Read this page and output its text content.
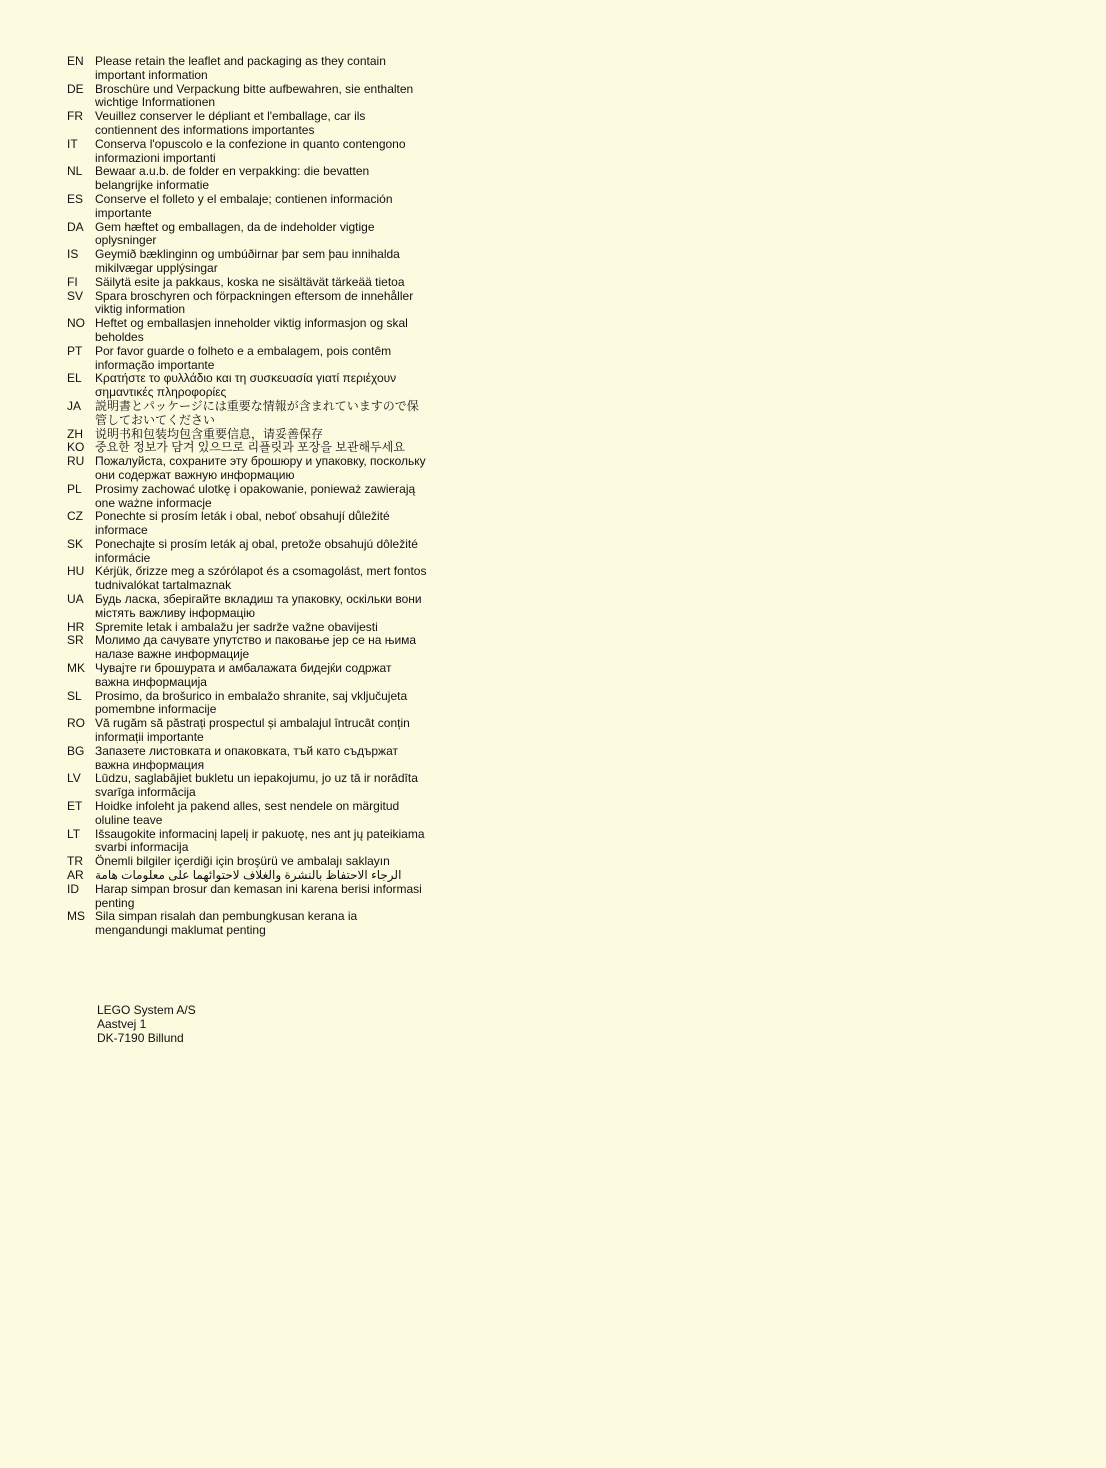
EN Please retain the leaflet and packaging as they contain important information
DE Broschüre und Verpackung bitte aufbewahren, sie enthalten wichtige Informationen
FR	Veuillez conserver le dépliant et l'emballage, car ils contiennent des informations importantes
IT	Conserva l'opuscolo e la confezione in quanto contengono informazioni importanti
NL	Bewaar a.u.b. de folder en verpakking: die bevatten belangrijke informatie
ES Conserve el folleto y el embalaje; contienen información importante
DA Gem hæftet og emballagen, da de indeholder vigtige oplysninger
IS	Geymið bæklinginn og umbúðirnar þar sem þau innihalda mikilvægar upplýsingar
FI	Säilytä esite ja pakkaus, koska ne sisältävät tärkeää tietoa
SV Spara broschyren och förpackningen eftersom de innehåller viktig information
NO Heftet og emballasjen inneholder viktig informasjon og skal beholdes
PT	Por favor guarde o folheto e a embalagem, pois contêm informação importante
EL	Κρατήστε το φυλλάδιο και τη συσκευασία γιατί περιέχουν σημαντικές πληροφορίες
JA	説明書とパッケージには重要な情報が含まれていますので保管しておいてください
ZH	说明书和包装均包含重要信息，请妥善保存
KO 중요한 정보가 담겨 있으므로 리플릿과 포장을 보관해두세요
RU Пожалуйста, сохраните эту брошюру и упаковку, поскольку они содержат важную информацию
PL	Prosimy zachować ulotkę i opakowanie, ponieważ zawierają one ważne informacje
CZ	Ponechte si prosím leták i obal, neboť obsahují důležité informace
SK Ponechajte si prosím leták aj obal, pretože obsahujú dôležité informácie
HU Kérjük, őrizze meg a szórólapot és a csomagolást, mert fontos tudnivalókat tartalmaznak
UA Будь ласка, зберігайте вкладиш та упаковку, оскільки вони містять важливу інформацію
HR Spremite letak i ambalažu jer sadrže važne obavijesti
SR Молимо да сачувате упутство и паковање јер се на њима налазе важне информације
MK Чувајте ги брошурата и амбалажата бидејќи содржат важна информација
SL	Prosimo, da brošurico in embalažo shranite, saj vključujeta pomembne informacije
RO Vă rugăm să păstrați prospectul și ambalajul întrucât conțin informații importante
BG Запазете листовката и опаковката, тъй като съдържат важна информация
LV	Lūdzu, saglabājiet bukletu un iepakojumu, jo uz tā ir norādīta svarīga informācija
ET	Hoidke infoleht ja pakend alles, sest nendele on märgitud oluline teave
LT	Išsaugokite informacinį lapelį ir pakuotę, nes ant jų pateikiama svarbi informacija
TR	Önemli bilgiler içerdiği için broşürü ve ambalajı saklayın
AR الرجاء الاحتفاظ بالنشرة والغلاف لاحتوائهما على معلومات هامة
ID	Harap simpan brosur dan kemasan ini karena berisi informasi penting
MS Sila simpan risalah dan pembungkusan kerana ia mengandungi maklumat penting
LEGO System A/S
Aastvej 1
DK-7190 Billund
